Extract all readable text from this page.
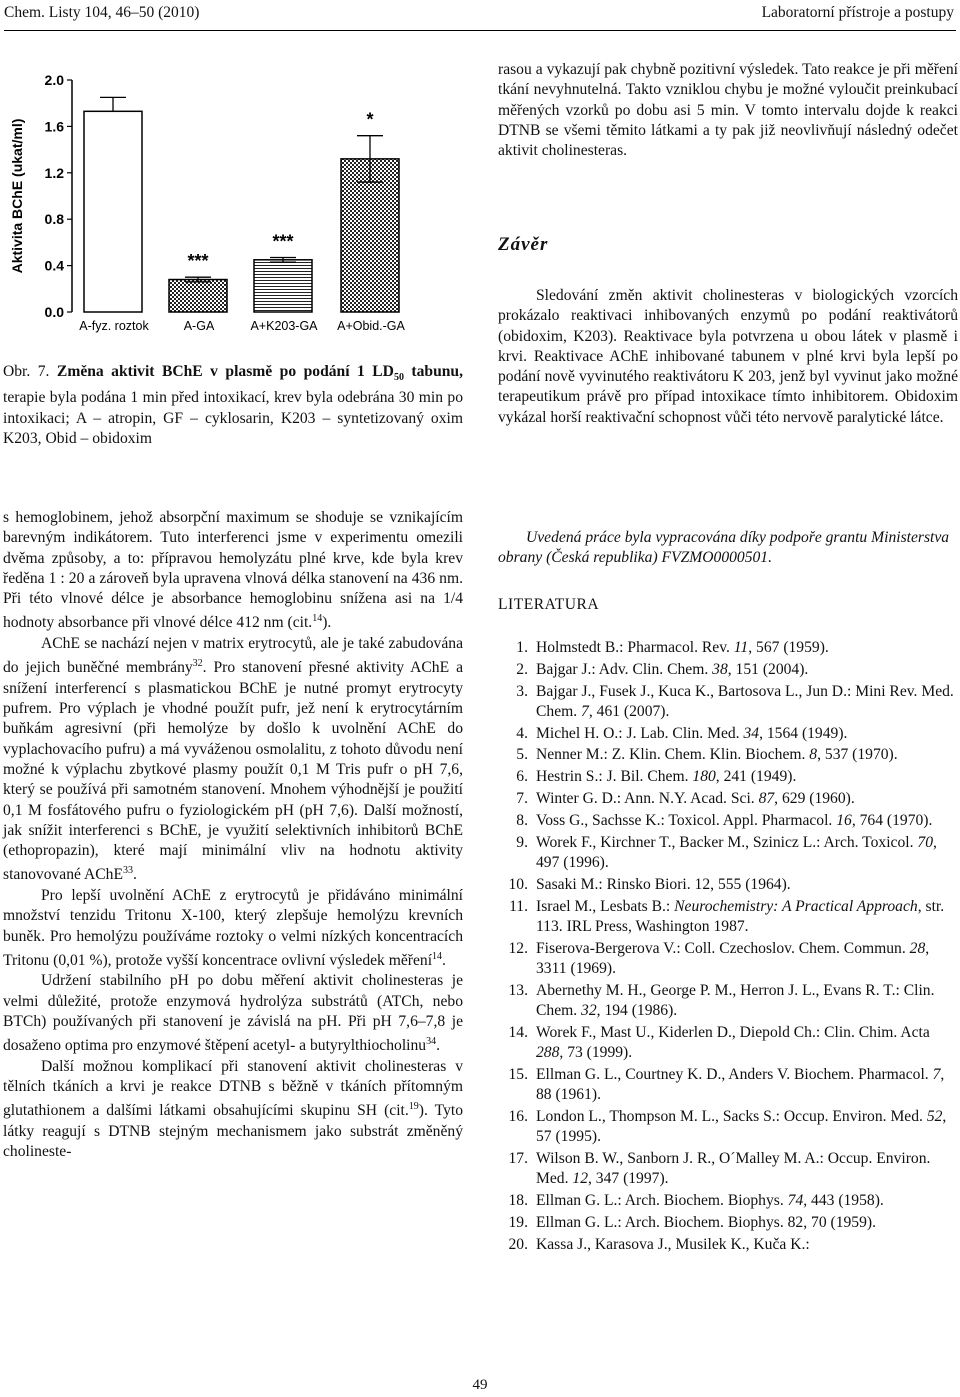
Chem. Listy 104, 46–50 (2010)	Laboratorní přístroje a postupy
Aktivita BChE (ukat/ml)
0.0
0.4
0.8
1.2
1.6
2.0
A-fyz. roztok
***
A-GA
***
A+K203-GA
*
A+Obid.-GA
Obr. 7. Změna aktivit BChE v plasmě po podání 1 $LD_{50}$ tabunu, terapie byla podána 1 min před intoxikací, krev byla odebrána 30 min po intoxikaci; A – atropin, GF – cyklosarin, K203 – syntetizovaný oxim K203, Obid – obidoxim

s hemoglobinem, jehož absorpční maximum se shoduje se vznikajícím barevným indikátorem. Tuto interferenci jsme v experimentu omezili dvěma způsoby, a to: přípravou hemolyzátu plné krve, kde byla krev ředěna 1 : 20 a zároveň byla upravena vlnová délka stanovení na 436 nm. Při této vlnové délce je absorbance hemoglobinu snížena asi na 1/4 hodnoty absorbance při vlnové délce 412 nm (cit.$^{14}$).

AChE se nachází nejen v matrix erytrocytů, ale je také zabudována do jejich buněčné membrány$^{32}$. Pro stanovení přesné aktivity AChE a snížení interferencí s plasmatickou BChE je nutné promyt erytrocyty pufrem. Pro výplach je vhodné použít pufr, jež není k erytrocytárním buňkám agresivní (při hemolýze by došlo k uvolnění AChE do vyplachovacího pufru) a má vyváženou osmolalitu, z tohoto důvodu není možné k výplachu zbytkové plasmy použít 0,1 M Tris pufr o pH 7,6, který se používá při samotném stanovení. Mnohem výhodnější je použití 0,1 M fosfátového pufru o fyziologickém pH (pH 7,6). Další možností, jak snížit interferenci s BChE, je využití selektivních inhibitorů BChE (ethopropazin), které mají minimální vliv na hodnotu aktivity stanovované AChE$^{33}$.

Pro lepší uvolnění AChE z erytrocytů je přidáváno minimální množství tenzidu Tritonu X-100, který zlepšuje hemolýzu krevních buněk. Pro hemolýzu používáme roztoky o velmi nízkých koncentracích Tritonu (0,01 %), protože vyšší koncentrace ovlivní výsledek měření$^{14}$.

Udržení stabilního pH po dobu měření aktivit cholinesteras je velmi důležité, protože enzymová hydrolýza substrátů (ATCh, nebo BTCh) používaných při stanovení je závislá na pH. Při pH 7,6–7,8 je dosaženo optima pro enzymové štěpení acetyl- a butyrylthiocholinu$^{34}$.

Další možnou komplikací při stanovení aktivit cholinesteras v tělních tkáních a krvi je reakce DTNB s běžně v tkáních přítomným glutathionem a dalšími látkami obsahujícími skupinu SH (cit.$^{19}$). Tyto látky reagují s DTNB stejným mechanismem jako substrát změněný cholineste-

rasou a vykazují pak chybně pozitivní výsledek. Tato reakce je při měření tkání nevyhnutelná. Takto vzniklou chybu je možné vyloučit preinkubací měřených vzorků po dobu asi 5 min. V tomto intervalu dojde k reakci DTNB se všemi těmito látkami a ty pak již neovlivňují následný odečet aktivit cholinesteras.

Závěr
Sledování změn aktivit cholinesteras v biologických vzorcích prokázalo reaktivaci inhibovaných enzymů po podání reaktivátorů (obidoxim, K203). Reaktivace byla potvrzena u obou látek v plasmě i krvi. Reaktivace AChE inhibované tabunem v plné krvi byla lepší po podání nově vyvinutého reaktivátoru K 203, jenž byl vyvinut jako možné terapeutikum právě pro případ intoxikace tímto inhibitorem. Obidoxim vykázal horší reaktivační schopnost vůči této nervově paralytické látce.
Uvedená práce byla vypracována díky podpoře grantu Ministerstva obrany (Česká republika) FVZMO0000501.
LITERATURA
1. Holmstedt B.: Pharmacol. Rev. 11, 567 (1959).
2. Bajgar J.: Adv. Clin. Chem. 38, 151 (2004).
3. Bajgar J., Fusek J., Kuca K., Bartosova L., Jun D.: Mini Rev. Med. Chem. 7, 461 (2007).
4. Michel H. O.: J. Lab. Clin. Med. 34, 1564 (1949).
5. Nenner M.: Z. Klin. Chem. Klin. Biochem. 8, 537 (1970).
6. Hestrin S.: J. Bil. Chem. 180, 241 (1949).
7. Winter G. D.: Ann. N.Y. Acad. Sci. 87, 629 (1960).
8. Voss G., Sachsse K.: Toxicol. Appl. Pharmacol. 16, 764 (1970).
9. Worek F., Kirchner T., Backer M., Szinicz L.: Arch. Toxicol. 70, 497 (1996).
10. Sasaki M.: Rinsko Biori. 12, 555 (1964).
11. Israel M., Lesbats B.: Neurochemistry: A Practical Approach, str. 113. IRL Press, Washington 1987.
12. Fiserova-Bergerova V.: Coll. Czechoslov. Chem. Commun. 28, 3311 (1969).
13. Abernethy M. H., George P. M., Herron J. L., Evans R. T.: Clin. Chem. 32, 194 (1986).
14. Worek F., Mast U., Kiderlen D., Diepold Ch.: Clin. Chim. Acta 288, 73 (1999).
15. Ellman G. L., Courtney K. D., Anders V. Biochem. Pharmacol. 7, 88 (1961).
16. London L., Thompson M. L., Sacks S.: Occup. Environ. Med. 52, 57 (1995).
17. Wilson B. W., Sanborn J. R., O´Malley M. A.: Occup. Environ. Med. 12, 347 (1997).
18. Ellman G. L.: Arch. Biochem. Biophys. 74, 443 (1958).
19. Ellman G. L.: Arch. Biochem. Biophys. 82, 70 (1959).
20. Kassa J., Karasova J., Musilek K., Kuča K.:
49
